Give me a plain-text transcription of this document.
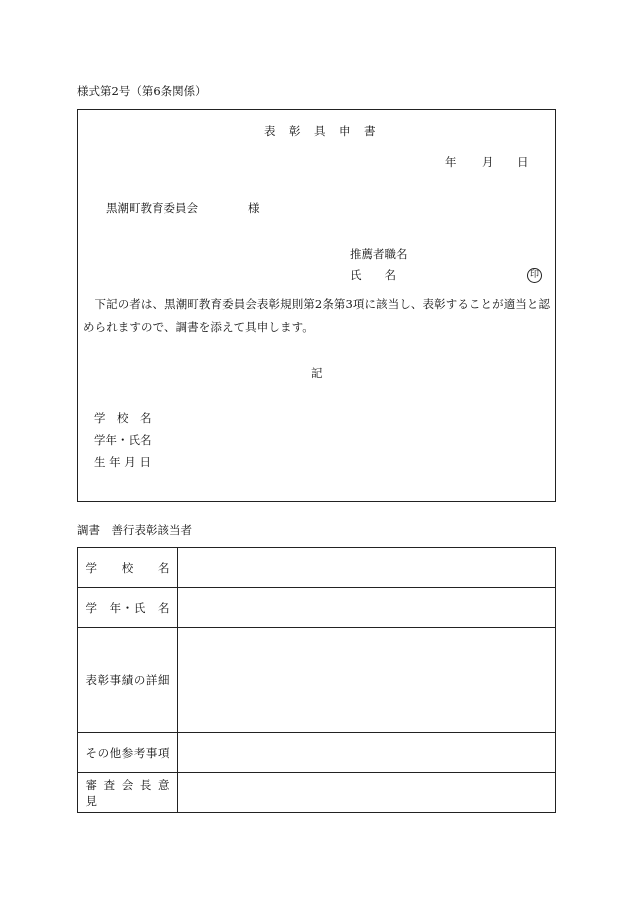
様式第2号（第6条関係）
表　彰　具　申　書
年 月 日
黒潮町教育委員会	様
推薦者職名
氏　　名	印
下記の者は、黒潮町教育委員会表彰規則第2条第3項に該当し、表彰することが適当と認められますので、調書を添えて具申します。
記
学　校　名
学年・氏名
生 年 月 日
調書　善行表彰該当者
学　　校　　名	
学　年・氏　名	
表彰事績の詳細	
その他参考事項	
審 査 会 長 意 見	
